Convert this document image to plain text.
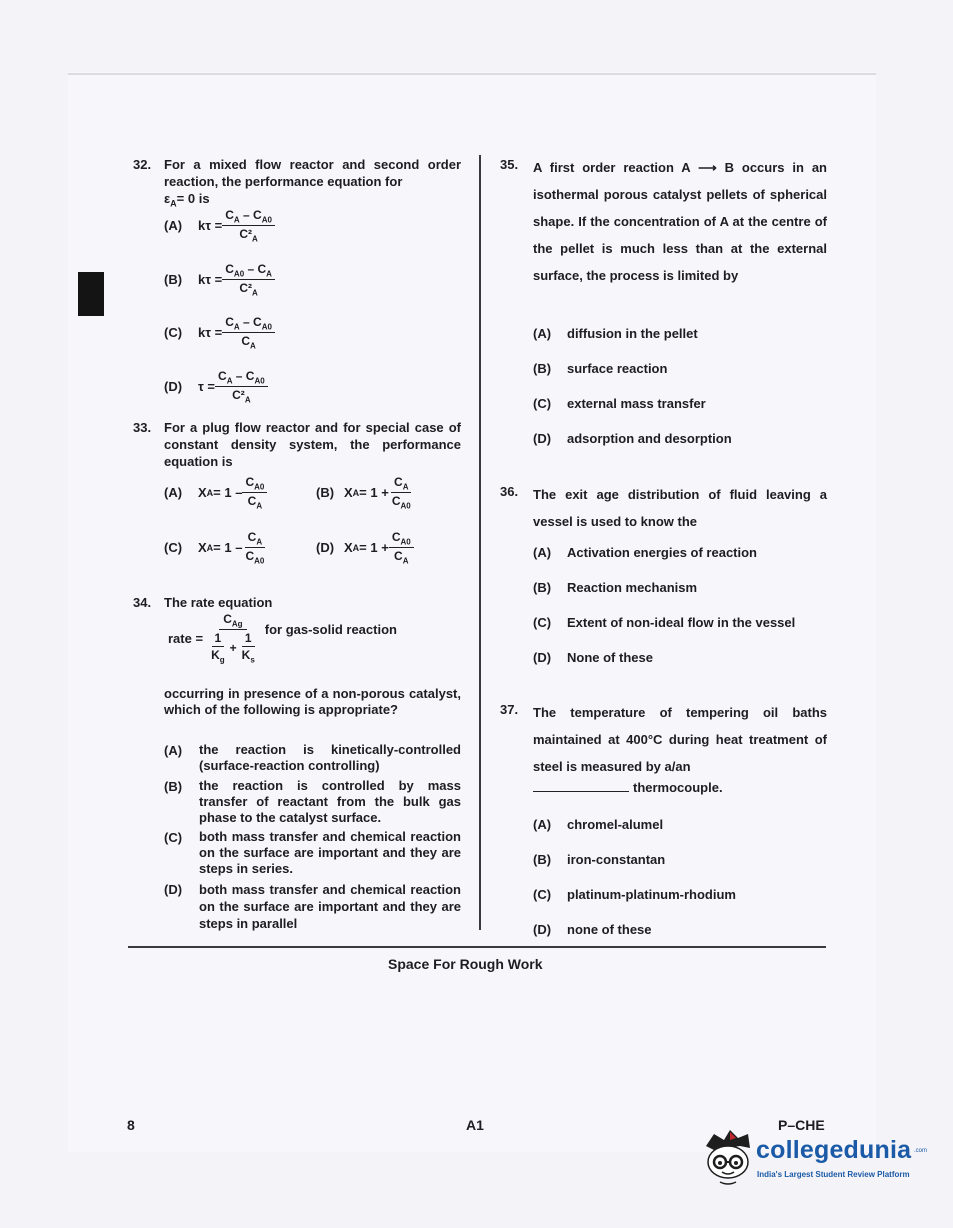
32. For a mixed flow reactor and second order reaction, the performance equation for
$\varepsilon_A= 0$ is
(A)	$k\tau = \frac{C_A - C_{A0}}{C^2_A}$
(B)	$k\tau = \frac{C_{A0} - C_A}{C^2_A}$
(C)	$k\tau = \frac{C_A - C_{A0}}{C_A}$
(D)	$\tau = \frac{C_A - C_{A0}}{C^2_A}$
33. For a plug flow reactor and for special case of constant density system, the performance equation is
(A)	X $A = 1 - \frac{C_{A0}}{C_A}$	(B) X $A = 1 + \frac{C_A}{C_{A0}}$
(C)	X $A = 1 - \frac{C_A}{C_{A0}}$	(D) X $A = 1 + \frac{C_{A0}}{C_A}$
34. The rate equation
rate = $\frac{C_{Ag}}{\frac{1}{K_g} + \frac{1}{K_s}}$ for gas-solid reaction
occurring in presence of a non-porous catalyst, which of the following is appropriate?
(A) the reaction is kinetically-controlled (surface-reaction controlling)
(B) the reaction is controlled by mass transfer of reactant from the bulk gas phase to the catalyst surface.
(C) both mass transfer and chemical reaction on the surface are important and they are steps in series.
(D) both mass transfer and chemical reaction on the surface are important and they are steps in parallel
35. A first order reaction A ⟶ B occurs in an isothermal porous catalyst pellets of spherical shape. If the concentration of A at the centre of the pellet is much less than at the external surface, the process is limited by
(A) diffusion in the pellet
(B) surface reaction
(C) external mass transfer
(D) adsorption and desorption
36. The exit age distribution of fluid leaving a vessel is used to know the
(A) Activation energies of reaction
(B) Reaction mechanism
(C) Extent of non-ideal flow in the vessel
(D) None of these
37. The temperature of tempering oil baths maintained at 400°C during heat treatment of steel is measured by a/an
thermocouple.
(A) chromel-alumel
(B) iron-constantan
(C) platinum-platinum-rhodium
(D) none of these
Space For Rough Work
8	A1	P–CHE
collegedunia .com
India's Largest Student Review Platform
